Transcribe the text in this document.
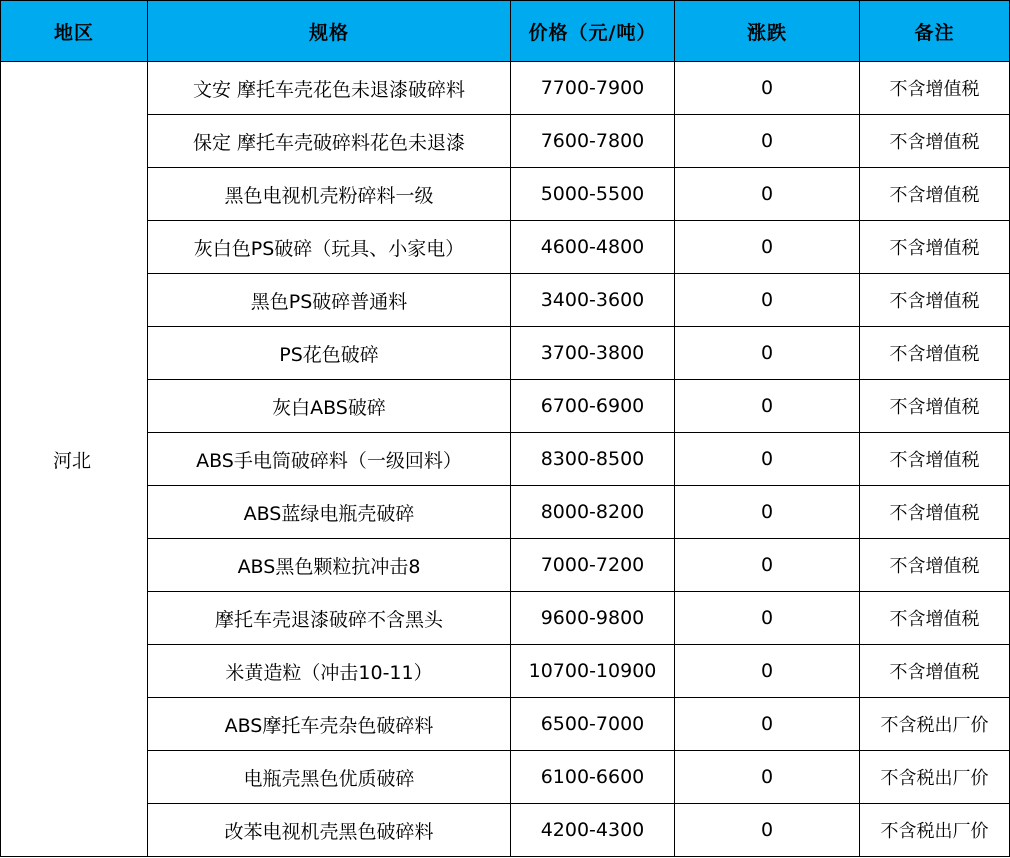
地区	规格	价格（元/吨）	涨跌	备注
河北	文安 摩托车壳花色未退漆破碎料	7700-7900	0	不含增值税
	保定 摩托车壳破碎料花色未退漆	7600-7800	0	不含增值税
	黑色电视机壳粉碎料一级	5000-5500	0	不含增值税
	灰白色PS破碎（玩具、小家电）	4600-4800	0	不含增值税
	黑色PS破碎普通料	3400-3600	0	不含增值税
	PS花色破碎	3700-3800	0	不含增值税
	灰白ABS破碎	6700-6900	0	不含增值税
	ABS手电筒破碎料（一级回料）	8300-8500	0	不含增值税
	ABS蓝绿电瓶壳破碎	8000-8200	0	不含增值税
	ABS黑色颗粒抗冲击8	7000-7200	0	不含增值税
	摩托车壳退漆破碎不含黑头	9600-9800	0	不含增值税
	米黄造粒（冲击10-11）	10700-10900	0	不含增值税
	ABS摩托车壳杂色破碎料	6500-7000	0	不含税出厂价
	电瓶壳黑色优质破碎	6100-6600	0	不含税出厂价
	改苯电视机壳黑色破碎料	4200-4300	0	不含税出厂价
